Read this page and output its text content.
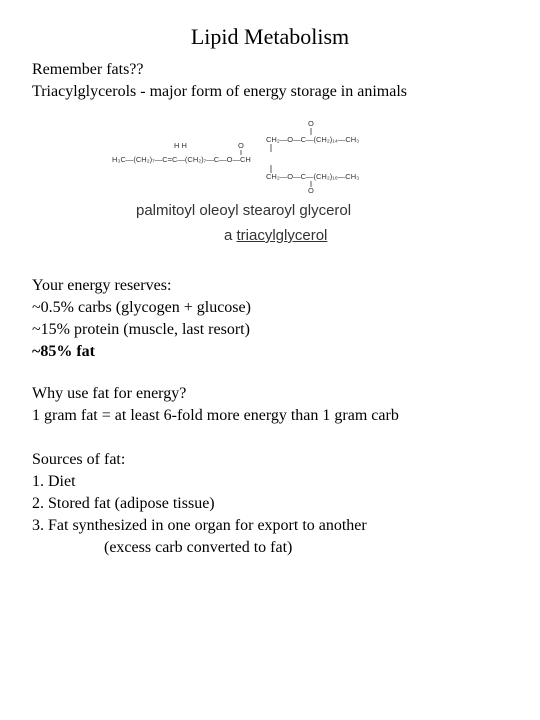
Lipid Metabolism
Remember fats??
Triacylglycerols - major form of energy storage in animals
O
CH₂—O—C—(CH₂)₁₄—CH₃
H H	O
H₃C—(CH₂)₇—C=C—(CH₂)₇—C—O—CH
CH₂—O—C—(CH₂)₁₆—CH₃
O
palmitoyl oleoyl stearoyl glycerol
a triacylglycerol
Your energy reserves:
~0.5% carbs (glycogen + glucose)
~15% protein (muscle, last resort)
~85% fat
Why use fat for energy?
1 gram fat = at least 6-fold more energy than 1 gram carb
Sources of fat:
1. Diet
2. Stored fat (adipose tissue)
3. Fat synthesized in one organ for export to another
(excess carb converted to fat)
